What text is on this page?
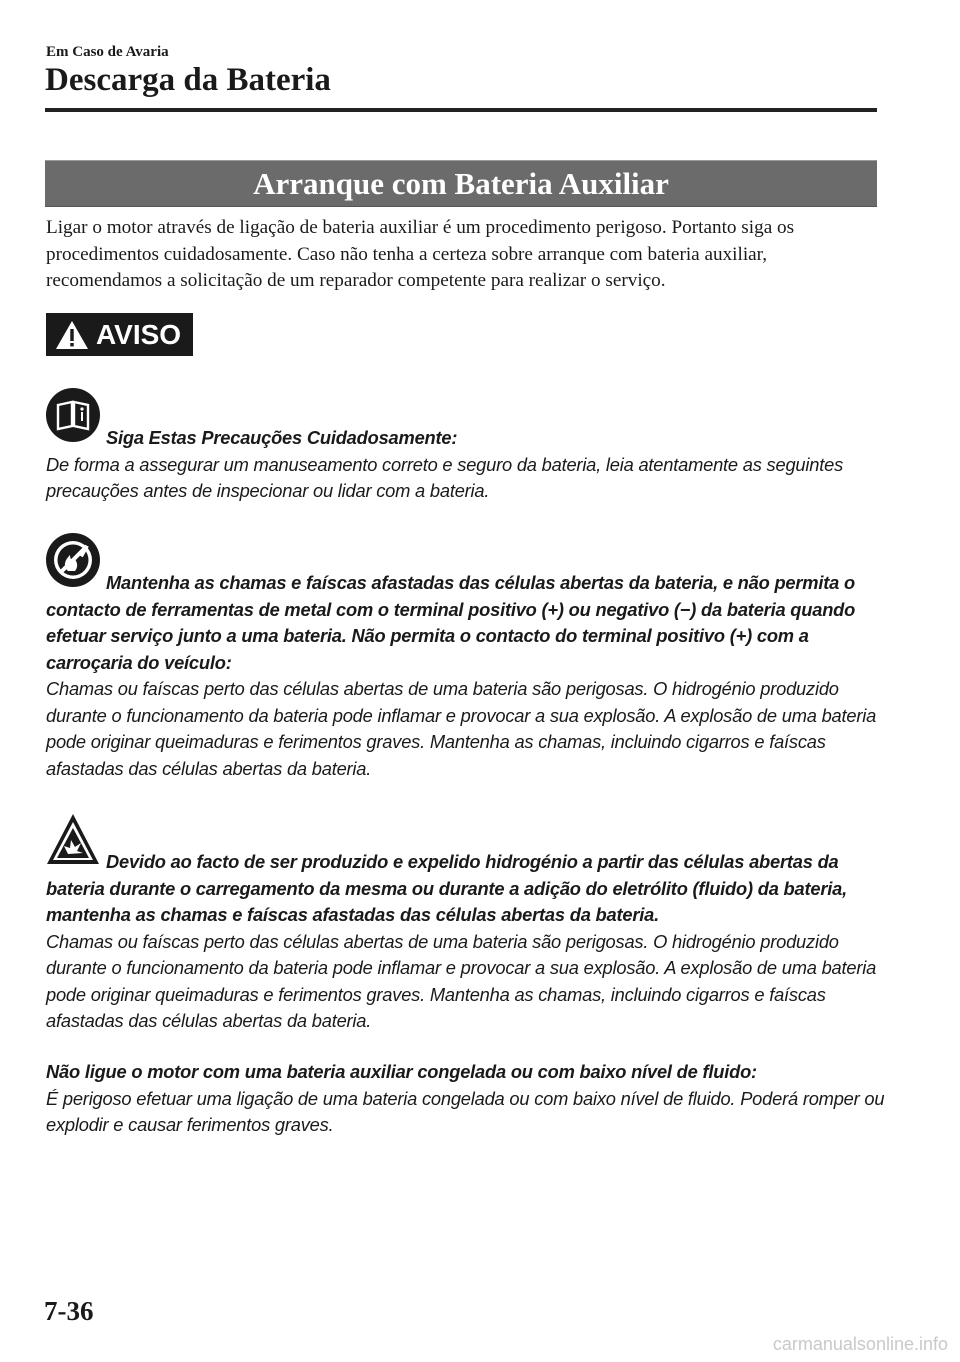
Em Caso de Avaria
Descarga da Bateria
Arranque com Bateria Auxiliar

Ligar o motor através de ligação de bateria auxiliar é um procedimento perigoso. Portanto siga os procedimentos cuidadosamente. Caso não tenha a certeza sobre arranque com bateria auxiliar, recomendamos a solicitação de um reparador competente para realizar o serviço.

AVISO

Siga Estas Precauções Cuidadosamente:
De forma a assegurar um manuseamento correto e seguro da bateria, leia atentamente as seguintes precauções antes de inspecionar ou lidar com a bateria.

Mantenha as chamas e faíscas afastadas das células abertas da bateria, e não permita o contacto de ferramentas de metal com o terminal positivo (+) ou negativo (−) da bateria quando efetuar serviço junto a uma bateria. Não permita o contacto do terminal positivo (+) com a carroçaria do veículo:
Chamas ou faíscas perto das células abertas de uma bateria são perigosas. O hidrogénio produzido durante o funcionamento da bateria pode inflamar e provocar a sua explosão. A explosão de uma bateria pode originar queimaduras e ferimentos graves. Mantenha as chamas, incluindo cigarros e faíscas afastadas das células abertas da bateria.

Devido ao facto de ser produzido e expelido hidrogénio a partir das células abertas da bateria durante o carregamento da mesma ou durante a adição do eletrólito (fluido) da bateria, mantenha as chamas e faíscas afastadas das células abertas da bateria.
Chamas ou faíscas perto das células abertas de uma bateria são perigosas. O hidrogénio produzido durante o funcionamento da bateria pode inflamar e provocar a sua explosão. A explosão de uma bateria pode originar queimaduras e ferimentos graves. Mantenha as chamas, incluindo cigarros e faíscas afastadas das células abertas da bateria.

Não ligue o motor com uma bateria auxiliar congelada ou com baixo nível de fluido:
É perigoso efetuar uma ligação de uma bateria congelada ou com baixo nível de fluido. Poderá romper ou explodir e causar ferimentos graves.

7-36
carmanualsonline.info
